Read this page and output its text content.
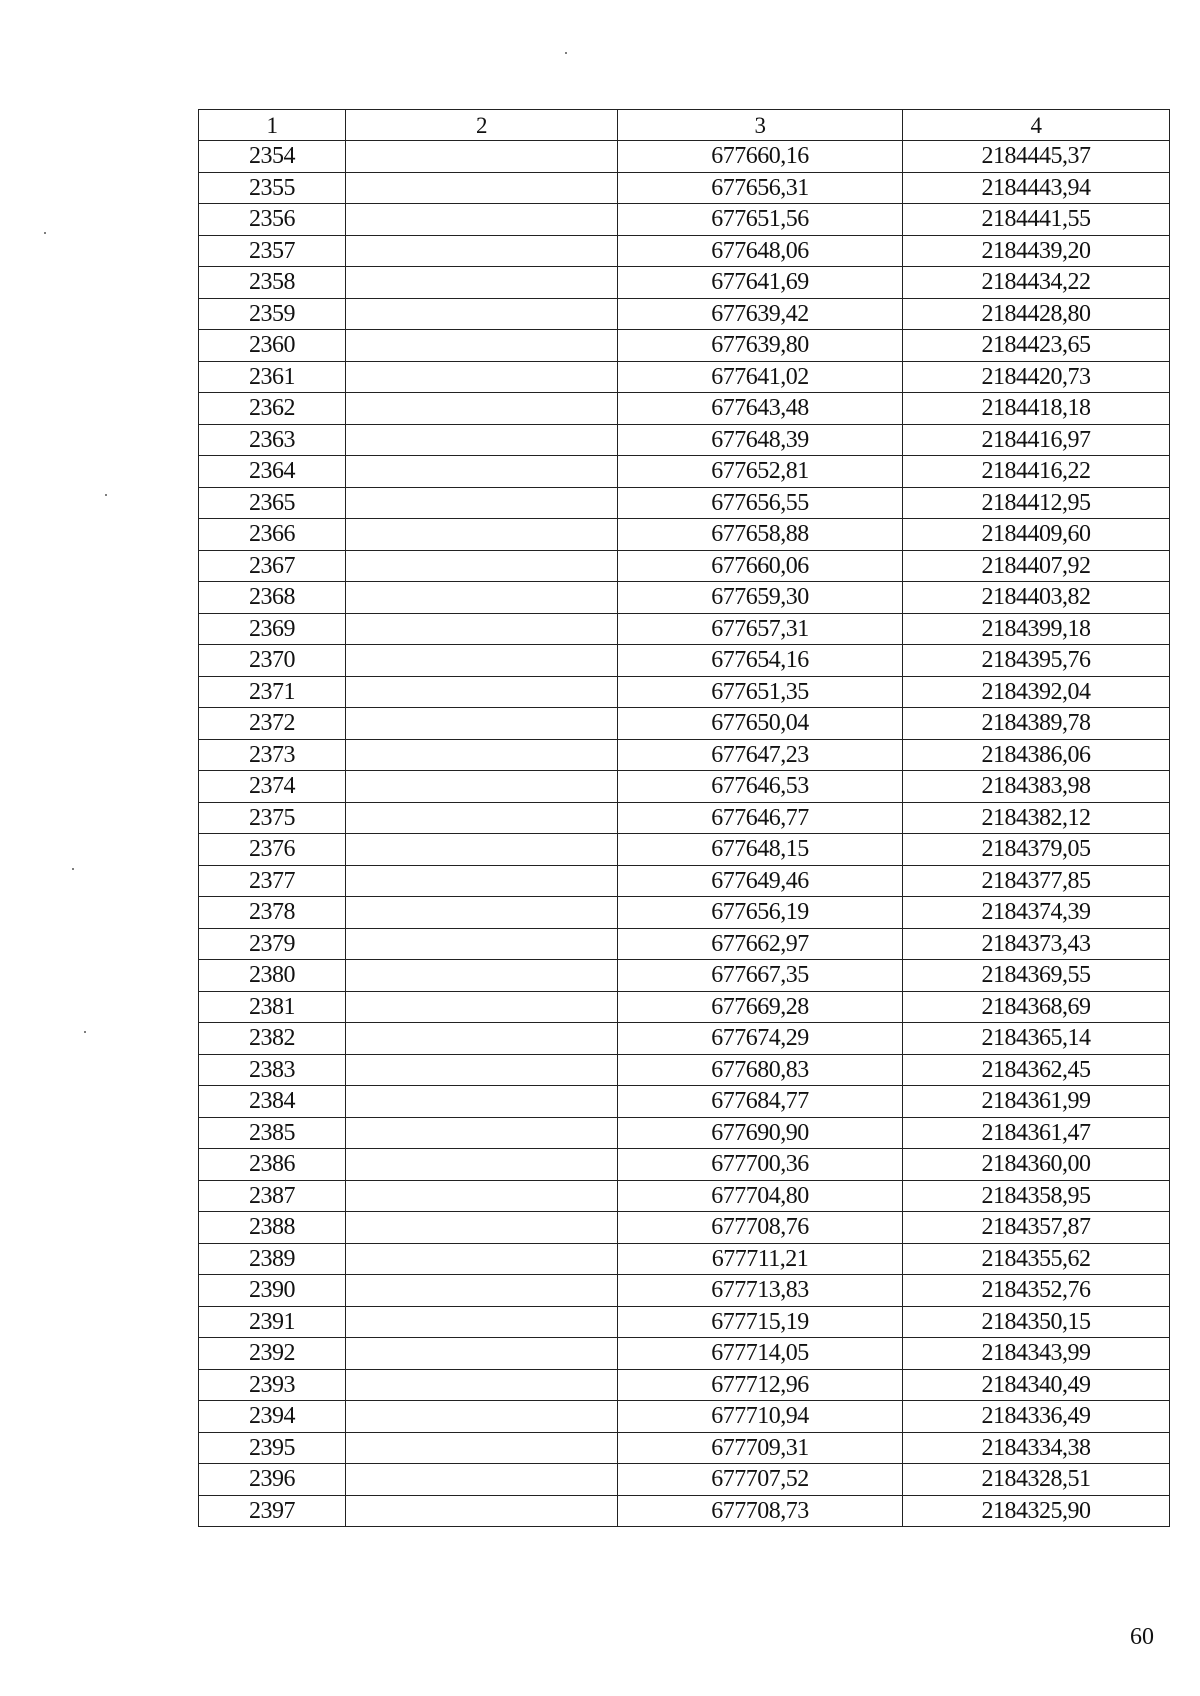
1	2	3	4
2354		677660,16	2184445,37
2355		677656,31	2184443,94
2356		677651,56	2184441,55
2357		677648,06	2184439,20
2358		677641,69	2184434,22
2359		677639,42	2184428,80
2360		677639,80	2184423,65
2361		677641,02	2184420,73
2362		677643,48	2184418,18
2363		677648,39	2184416,97
2364		677652,81	2184416,22
2365		677656,55	2184412,95
2366		677658,88	2184409,60
2367		677660,06	2184407,92
2368		677659,30	2184403,82
2369		677657,31	2184399,18
2370		677654,16	2184395,76
2371		677651,35	2184392,04
2372		677650,04	2184389,78
2373		677647,23	2184386,06
2374		677646,53	2184383,98
2375		677646,77	2184382,12
2376		677648,15	2184379,05
2377		677649,46	2184377,85
2378		677656,19	2184374,39
2379		677662,97	2184373,43
2380		677667,35	2184369,55
2381		677669,28	2184368,69
2382		677674,29	2184365,14
2383		677680,83	2184362,45
2384		677684,77	2184361,99
2385		677690,90	2184361,47
2386		677700,36	2184360,00
2387		677704,80	2184358,95
2388		677708,76	2184357,87
2389		677711,21	2184355,62
2390		677713,83	2184352,76
2391		677715,19	2184350,15
2392		677714,05	2184343,99
2393		677712,96	2184340,49
2394		677710,94	2184336,49
2395		677709,31	2184334,38
2396		677707,52	2184328,51
2397		677708,73	2184325,90
60
